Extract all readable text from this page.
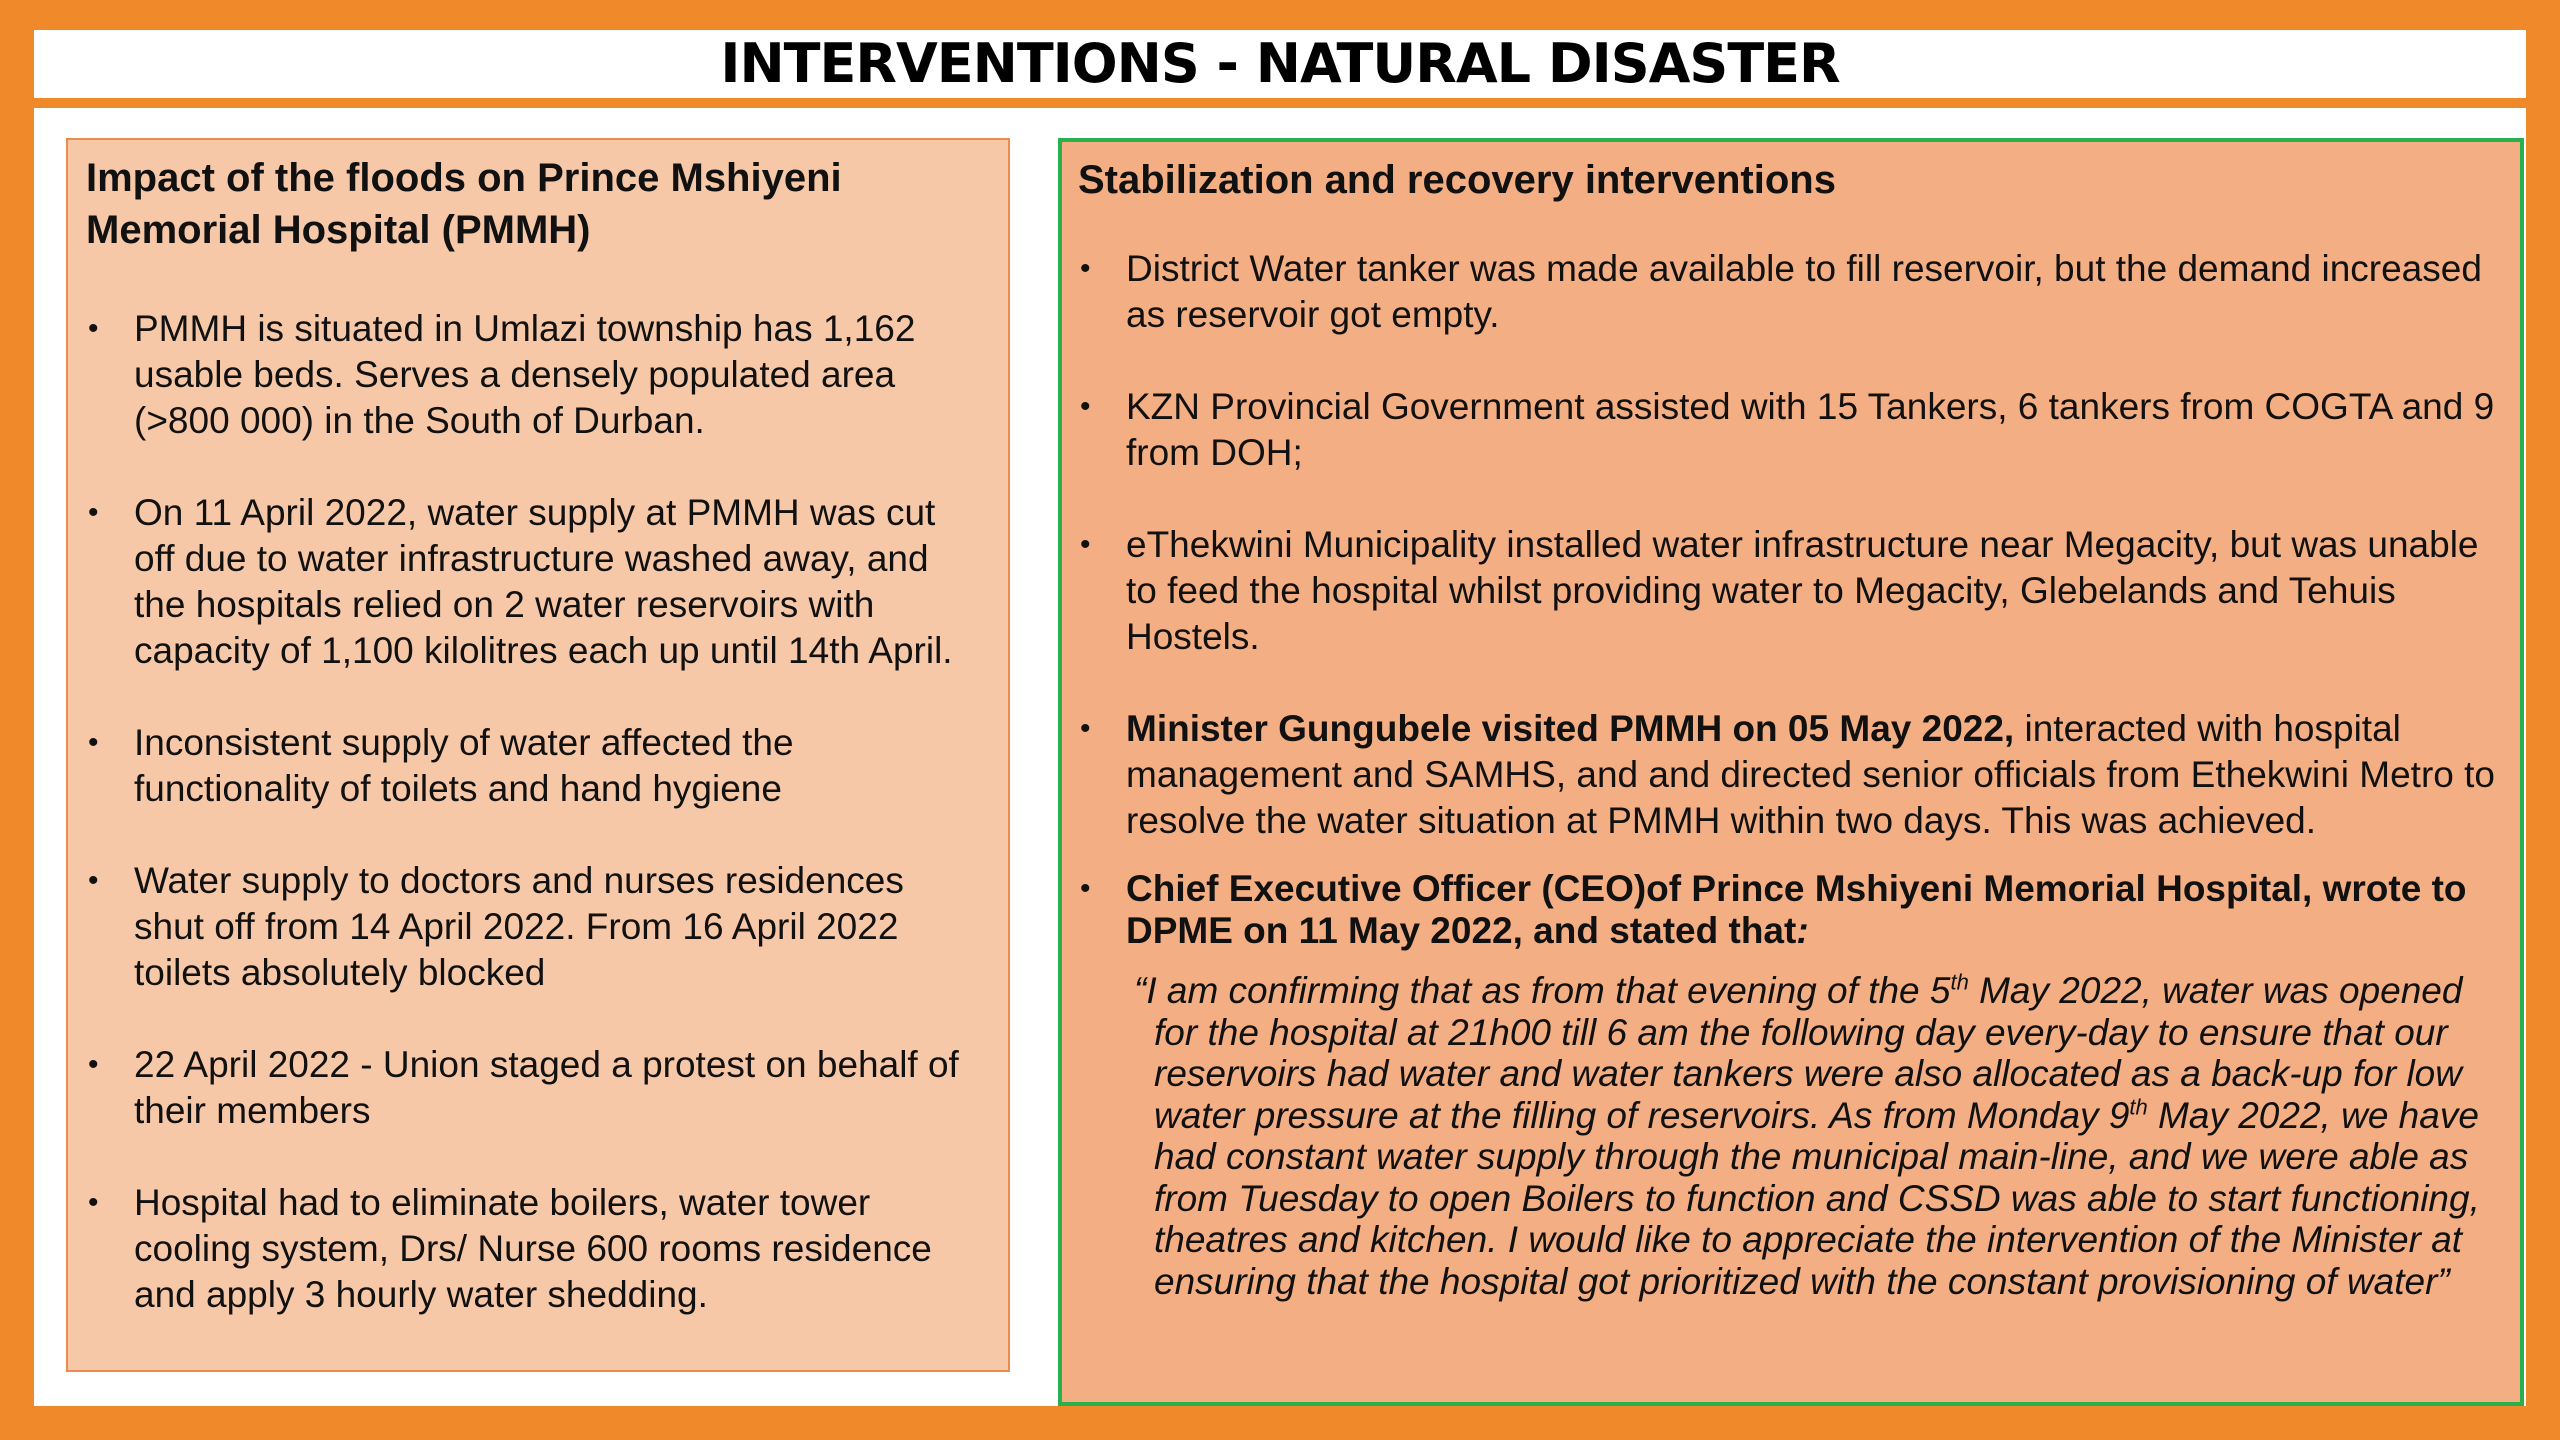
INTERVENTIONS - NATURAL DISASTER

Impact of the floods on Prince Mshiyeni Memorial Hospital (PMMH)

• PMMH is situated in Umlazi township has 1,162 usable beds. Serves a densely populated area (>800 000) in the South of Durban.
• On 11 April 2022, water supply at PMMH was cut off due to water infrastructure washed away, and the hospitals relied on 2 water reservoirs with capacity of 1,100 kilolitres each up until 14th April.
• Inconsistent supply of water affected the functionality of toilets and hand hygiene
• Water supply to doctors and nurses residences shut off from 14 April 2022. From 16 April 2022 toilets absolutely blocked
• 22 April 2022 - Union staged a protest on behalf of their members
• Hospital had to eliminate boilers, water tower cooling system, Drs/ Nurse 600 rooms residence and apply 3 hourly water shedding.

Stabilization and recovery interventions

• District Water tanker was made available to fill reservoir, but the demand increased as reservoir got empty.
• KZN Provincial Government assisted with 15 Tankers, 6 tankers from COGTA and 9 from DOH;
• eThekwini Municipality installed water infrastructure near Megacity, but was unable to feed the hospital whilst providing water to Megacity, Glebelands and Tehuis Hostels.
• Minister Gungubele visited PMMH on 05 May 2022, interacted with hospital management and SAMHS, and and directed senior officials from Ethekwini Metro to resolve the water situation at PMMH within two days. This was achieved.
• Chief Executive Officer (CEO)of Prince Mshiyeni Memorial Hospital, wrote to DPME on 11 May 2022, and stated that:

“I am confirming that as from that evening of the 5th May 2022, water was opened for the hospital at 21h00 till 6 am the following day every-day to ensure that our reservoirs had water and water tankers were also allocated as a back-up for low water pressure at the filling of reservoirs. As from Monday 9th May 2022, we have had constant water supply through the municipal main-line, and we were able as from Tuesday to open Boilers to function and CSSD was able to start functioning, theatres and kitchen. I would like to appreciate the intervention of the Minister at ensuring that the hospital got prioritized with the constant provisioning of water”
